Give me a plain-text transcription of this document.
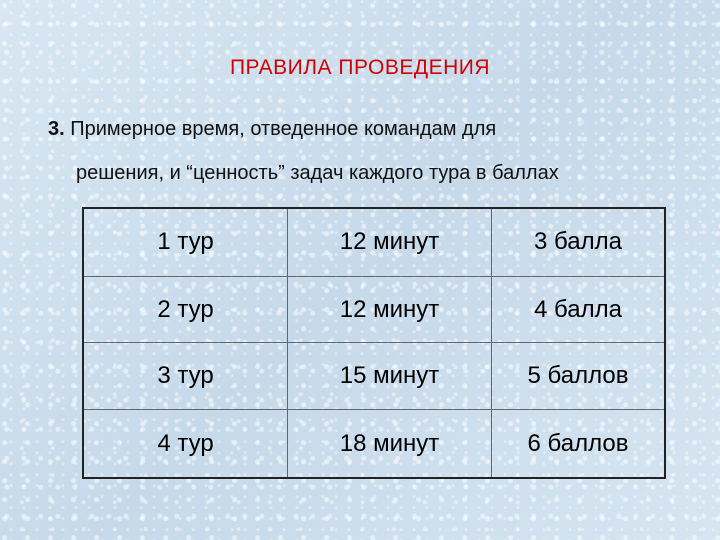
ПРАВИЛА ПРОВЕДЕНИЯ
3. Примерное время, отведенное командам для
решения, и “ценность” задач каждого тура в баллах
1 тур	12 минут	3 балла
2 тур	12 минут	4 балла
3 тур	15 минут	5 баллов
4 тур	18 минут	6 баллов
